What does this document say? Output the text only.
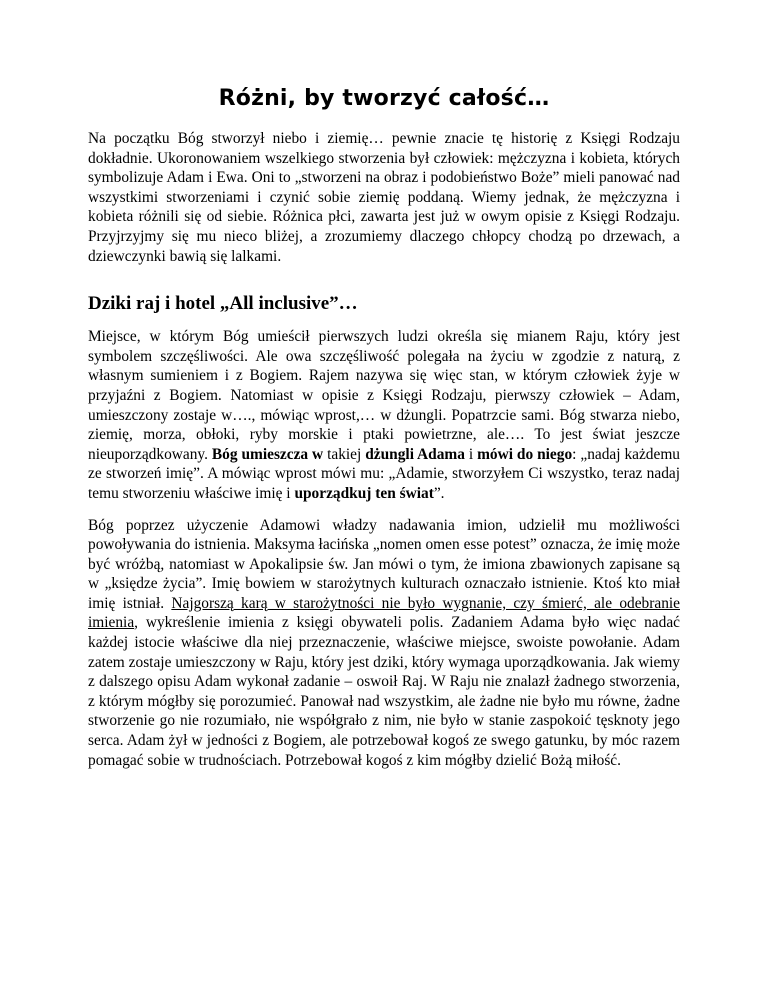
Różni, by tworzyć całość…

Na początku Bóg stworzył niebo i ziemię… pewnie znacie tę historię z Księgi Rodzaju dokładnie. Ukoronowaniem wszelkiego stworzenia był człowiek: mężczyzna i kobieta, których symbolizuje Adam i Ewa. Oni to „stworzeni na obraz i podobieństwo Boże” mieli panować nad wszystkimi stworzeniami i czynić sobie ziemię poddaną. Wiemy jednak, że mężczyzna i kobieta różnili się od siebie. Różnica płci, zawarta jest już w owym opisie z Księgi Rodzaju. Przyjrzyjmy się mu nieco bliżej, a zrozumiemy dlaczego chłopcy chodzą po drzewach, a dziewczynki bawią się lalkami.

Dziki raj i hotel „All inclusive”…

Miejsce, w którym Bóg umieścił pierwszych ludzi określa się mianem Raju, który jest symbolem szczęśliwości. Ale owa szczęśliwość polegała na życiu w zgodzie z naturą, z własnym sumieniem i z Bogiem. Rajem nazywa się więc stan, w którym człowiek żyje w przyjaźni z Bogiem. Natomiast w opisie z Księgi Rodzaju, pierwszy człowiek – Adam, umieszczony zostaje w…., mówiąc wprost,… w dżungli. Popatrzcie sami. Bóg stwarza niebo, ziemię, morza, obłoki, ryby morskie i ptaki powietrzne, ale…. To jest świat jeszcze nieuporządkowany. Bóg umieszcza w takiej dżungli Adama i mówi do niego: „nadaj każdemu ze stworzeń imię”. A mówiąc wprost mówi mu: „Adamie, stworzyłem Ci wszystko, teraz nadaj temu stworzeniu właściwe imię i uporządkuj ten świat”.

Bóg poprzez użyczenie Adamowi władzy nadawania imion, udzielił mu możliwości powoływania do istnienia. Maksyma łacińska „nomen omen esse potest” oznacza, że imię może być wróżbą, natomiast w Apokalipsie św. Jan mówi o tym, że imiona zbawionych zapisane są w „księdze życia”. Imię bowiem w starożytnych kulturach oznaczało istnienie. Ktoś kto miał imię istniał. Najgorszą karą w starożytności nie było wygnanie, czy śmierć, ale odebranie imienia, wykreślenie imienia z księgi obywateli polis. Zadaniem Adama było więc nadać każdej istocie właściwe dla niej przeznaczenie, właściwe miejsce, swoiste powołanie. Adam zatem zostaje umieszczony w Raju, który jest dziki, który wymaga uporządkowania. Jak wiemy z dalszego opisu Adam wykonał zadanie – oswoił Raj. W Raju nie znalazł żadnego stworzenia, z którym mógłby się porozumieć. Panował nad wszystkim, ale żadne nie było mu równe, żadne stworzenie go nie rozumiało, nie współgrało z nim, nie było w stanie zaspokoić tęsknoty jego serca. Adam żył w jedności z Bogiem, ale potrzebował kogoś ze swego gatunku, by móc razem pomagać sobie w trudnościach. Potrzebował kogoś z kim mógłby dzielić Bożą miłość.
